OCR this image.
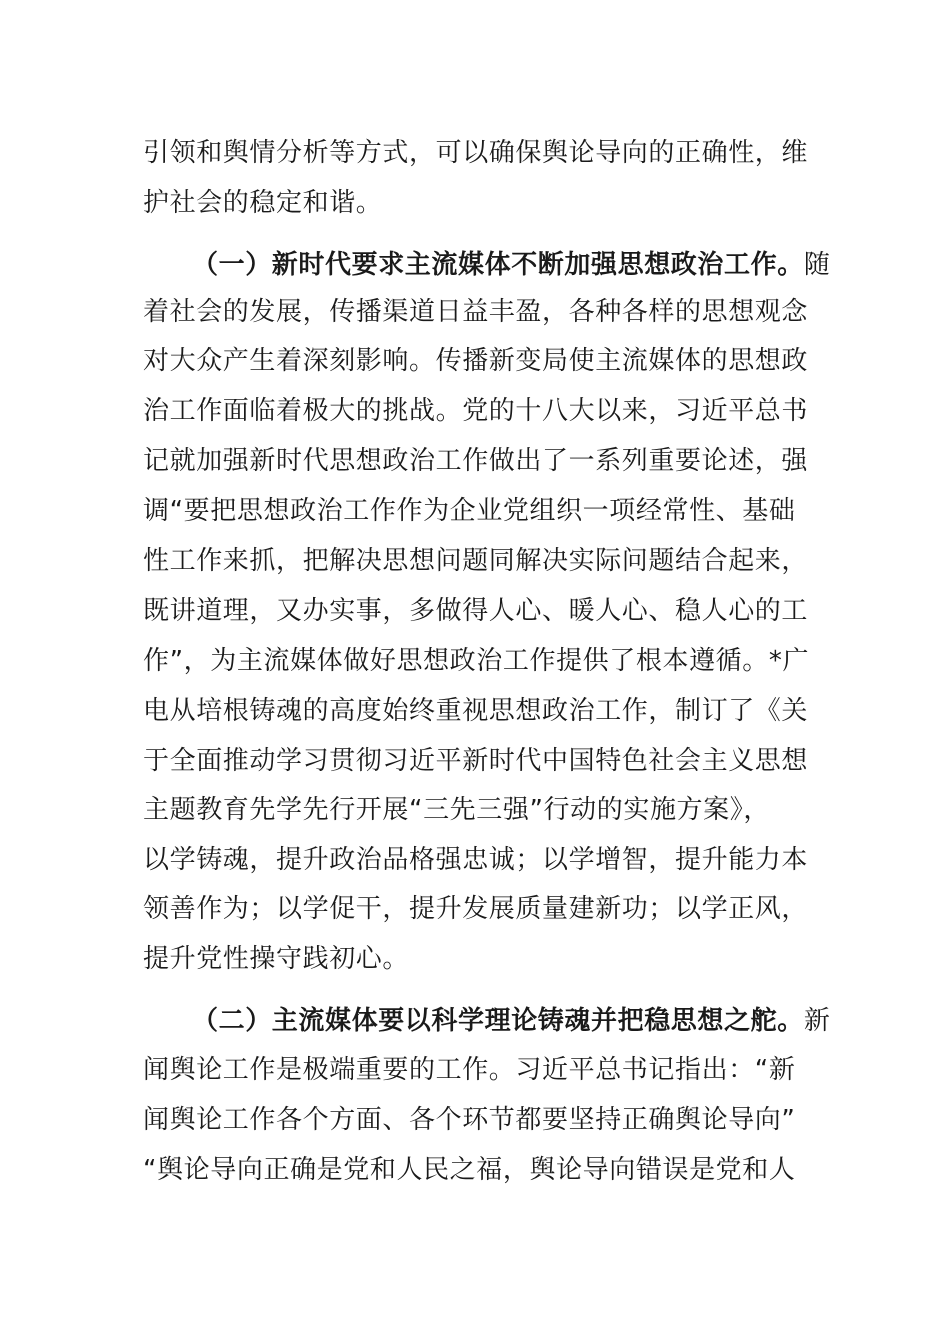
引领和舆情分析等方式，可以确保舆论导向的正确性，维
护社会的稳定和谐。
（一）新时代要求主流媒体不断加强思想政治工作。随
着社会的发展，传播渠道日益丰盈，各种各样的思想观念
对大众产生着深刻影响。传播新变局使主流媒体的思想政
治工作面临着极大的挑战。党的十八大以来，习近平总书
记就加强新时代思想政治工作做出了一系列重要论述，强
调“要把思想政治工作作为企业党组织一项经常性、基础
性工作来抓，把解决思想问题同解决实际问题结合起来，
既讲道理，又办实事，多做得人心、暖人心、稳人心的工
作”，为主流媒体做好思想政治工作提供了根本遵循。*广
电从培根铸魂的高度始终重视思想政治工作，制订了《关
于全面推动学习贯彻习近平新时代中国特色社会主义思想
主题教育先学先行开展“三先三强”行动的实施方案》，
以学铸魂，提升政治品格强忠诚；以学增智，提升能力本
领善作为；以学促干，提升发展质量建新功；以学正风，
提升党性操守践初心。
（二）主流媒体要以科学理论铸魂并把稳思想之舵。新
闻舆论工作是极端重要的工作。习近平总书记指出：“新
闻舆论工作各个方面、各个环节都要坚持正确舆论导向”
“舆论导向正确是党和人民之福，舆论导向错误是党和人
